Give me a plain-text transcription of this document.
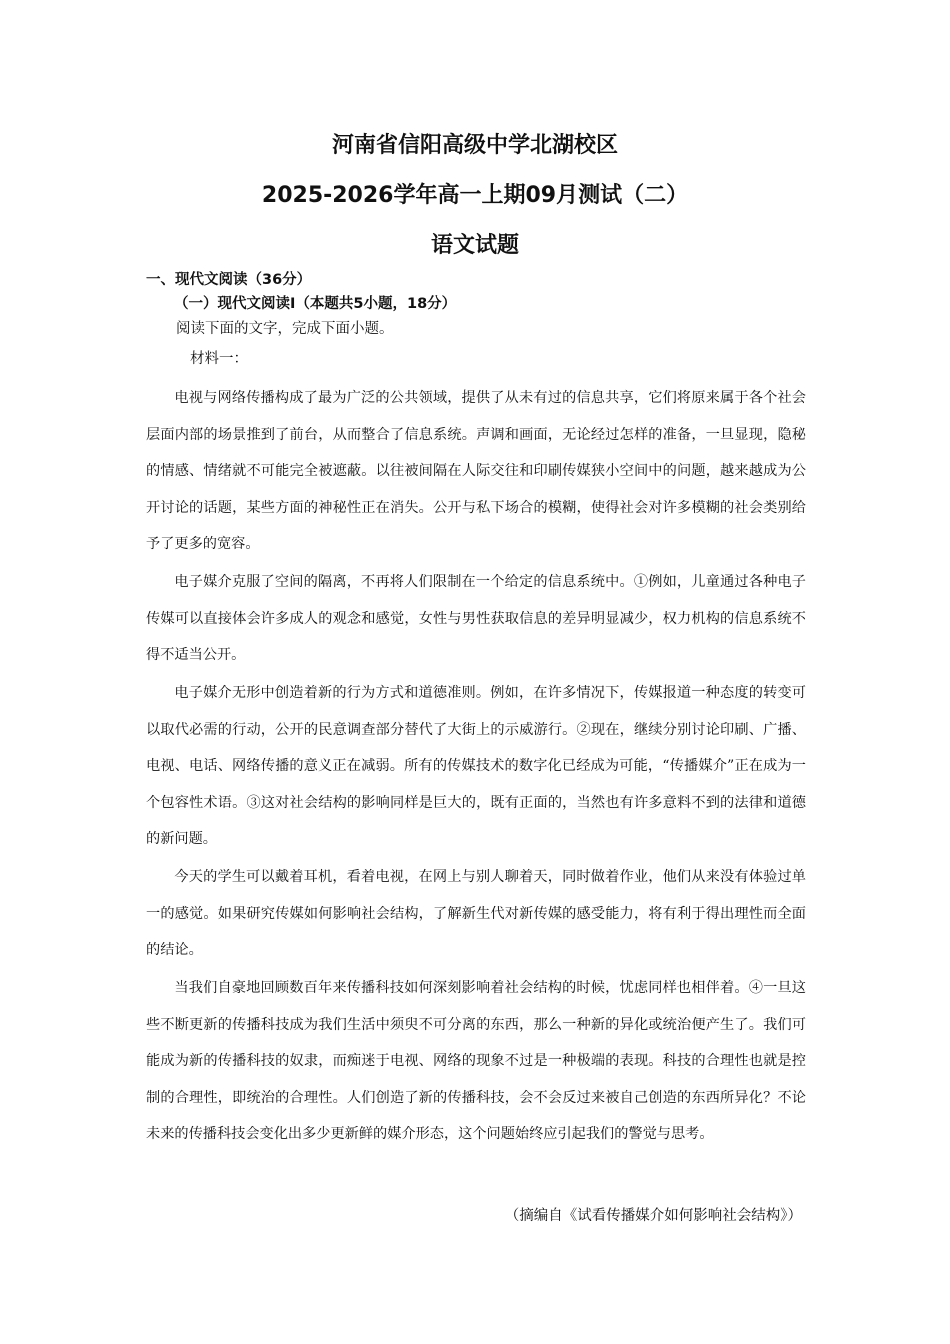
河南省信阳高级中学北湖校区
2025-2026学年高一上期09月测试（二）
语文试题

一、现代文阅读（36分）

（一）现代文阅读I（本题共5小题，18分）

阅读下面的文字，完成下面小题。

材料一：

电视与网络传播构成了最为广泛的公共领域，提供了从未有过的信息共享，它们将原来属于各个社会层面内部的场景推到了前台，从而整合了信息系统。声调和画面，无论经过怎样的准备，一旦显现，隐秘的情感、情绪就不可能完全被遮蔽。以往被间隔在人际交往和印刷传媒狭小空间中的问题，越来越成为公开讨论的话题，某些方面的神秘性正在消失。公开与私下场合的模糊，使得社会对许多模糊的社会类别给予了更多的宽容。

电子媒介克服了空间的隔离，不再将人们限制在一个给定的信息系统中。①例如，儿童通过各种电子传媒可以直接体会许多成人的观念和感觉，女性与男性获取信息的差异明显减少，权力机构的信息系统不得不适当公开。

电子媒介无形中创造着新的行为方式和道德准则。例如，在许多情况下，传媒报道一种态度的转变可以取代必需的行动，公开的民意调查部分替代了大街上的示威游行。②现在，继续分别讨论印刷、广播、电视、电话、网络传播的意义正在减弱。所有的传媒技术的数字化已经成为可能，“传播媒介”正在成为一个包容性术语。③这对社会结构的影响同样是巨大的，既有正面的，当然也有许多意料不到的法律和道德的新问题。

今天的学生可以戴着耳机，看着电视，在网上与别人聊着天，同时做着作业，他们从来没有体验过单一的感觉。如果研究传媒如何影响社会结构，了解新生代对新传媒的感受能力，将有利于得出理性而全面的结论。

当我们自豪地回顾数百年来传播科技如何深刻影响着社会结构的时候，忧虑同样也相伴着。④一旦这些不断更新的传播科技成为我们生活中须臾不可分离的东西，那么一种新的异化或统治便产生了。我们可能成为新的传播科技的奴隶，而痴迷于电视、网络的现象不过是一种极端的表现。科技的合理性也就是控制的合理性，即统治的合理性。人们创造了新的传播科技，会不会反过来被自己创造的东西所异化？不论未来的传播科技会变化出多少更新鲜的媒介形态，这个问题始终应引起我们的警觉与思考。

（摘编自《试看传播媒介如何影响社会结构》）
